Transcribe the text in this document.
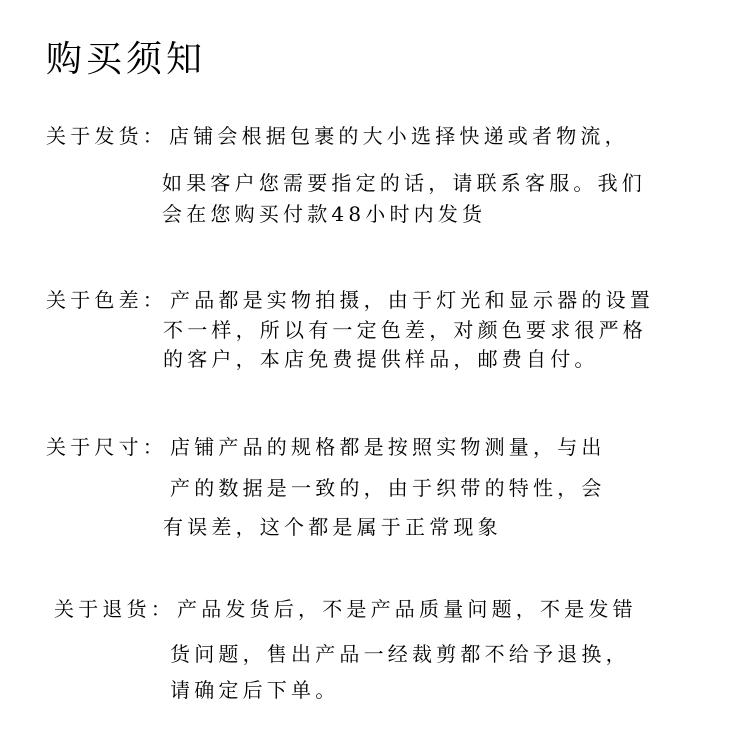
购买须知
关于发货： 店铺会根据包裹的大小选择快递或者物流，
如果客户您需要指定的话，请联系客服。我们
会在您购买付款48小时内发货
关于色差： 产品都是实物拍摄，由于灯光和显示器的设置
不一样，所以有一定色差，对颜色要求很严格
的客户，本店免费提供样品，邮费自付。
关于尺寸： 店铺产品的规格都是按照实物测量，与出
产的数据是一致的，由于织带的特性，会
有误差，这个都是属于正常现象
关于退货： 产品发货后，不是产品质量问题，不是发错
货问题，售出产品一经裁剪都不给予退换，
请确定后下单。
